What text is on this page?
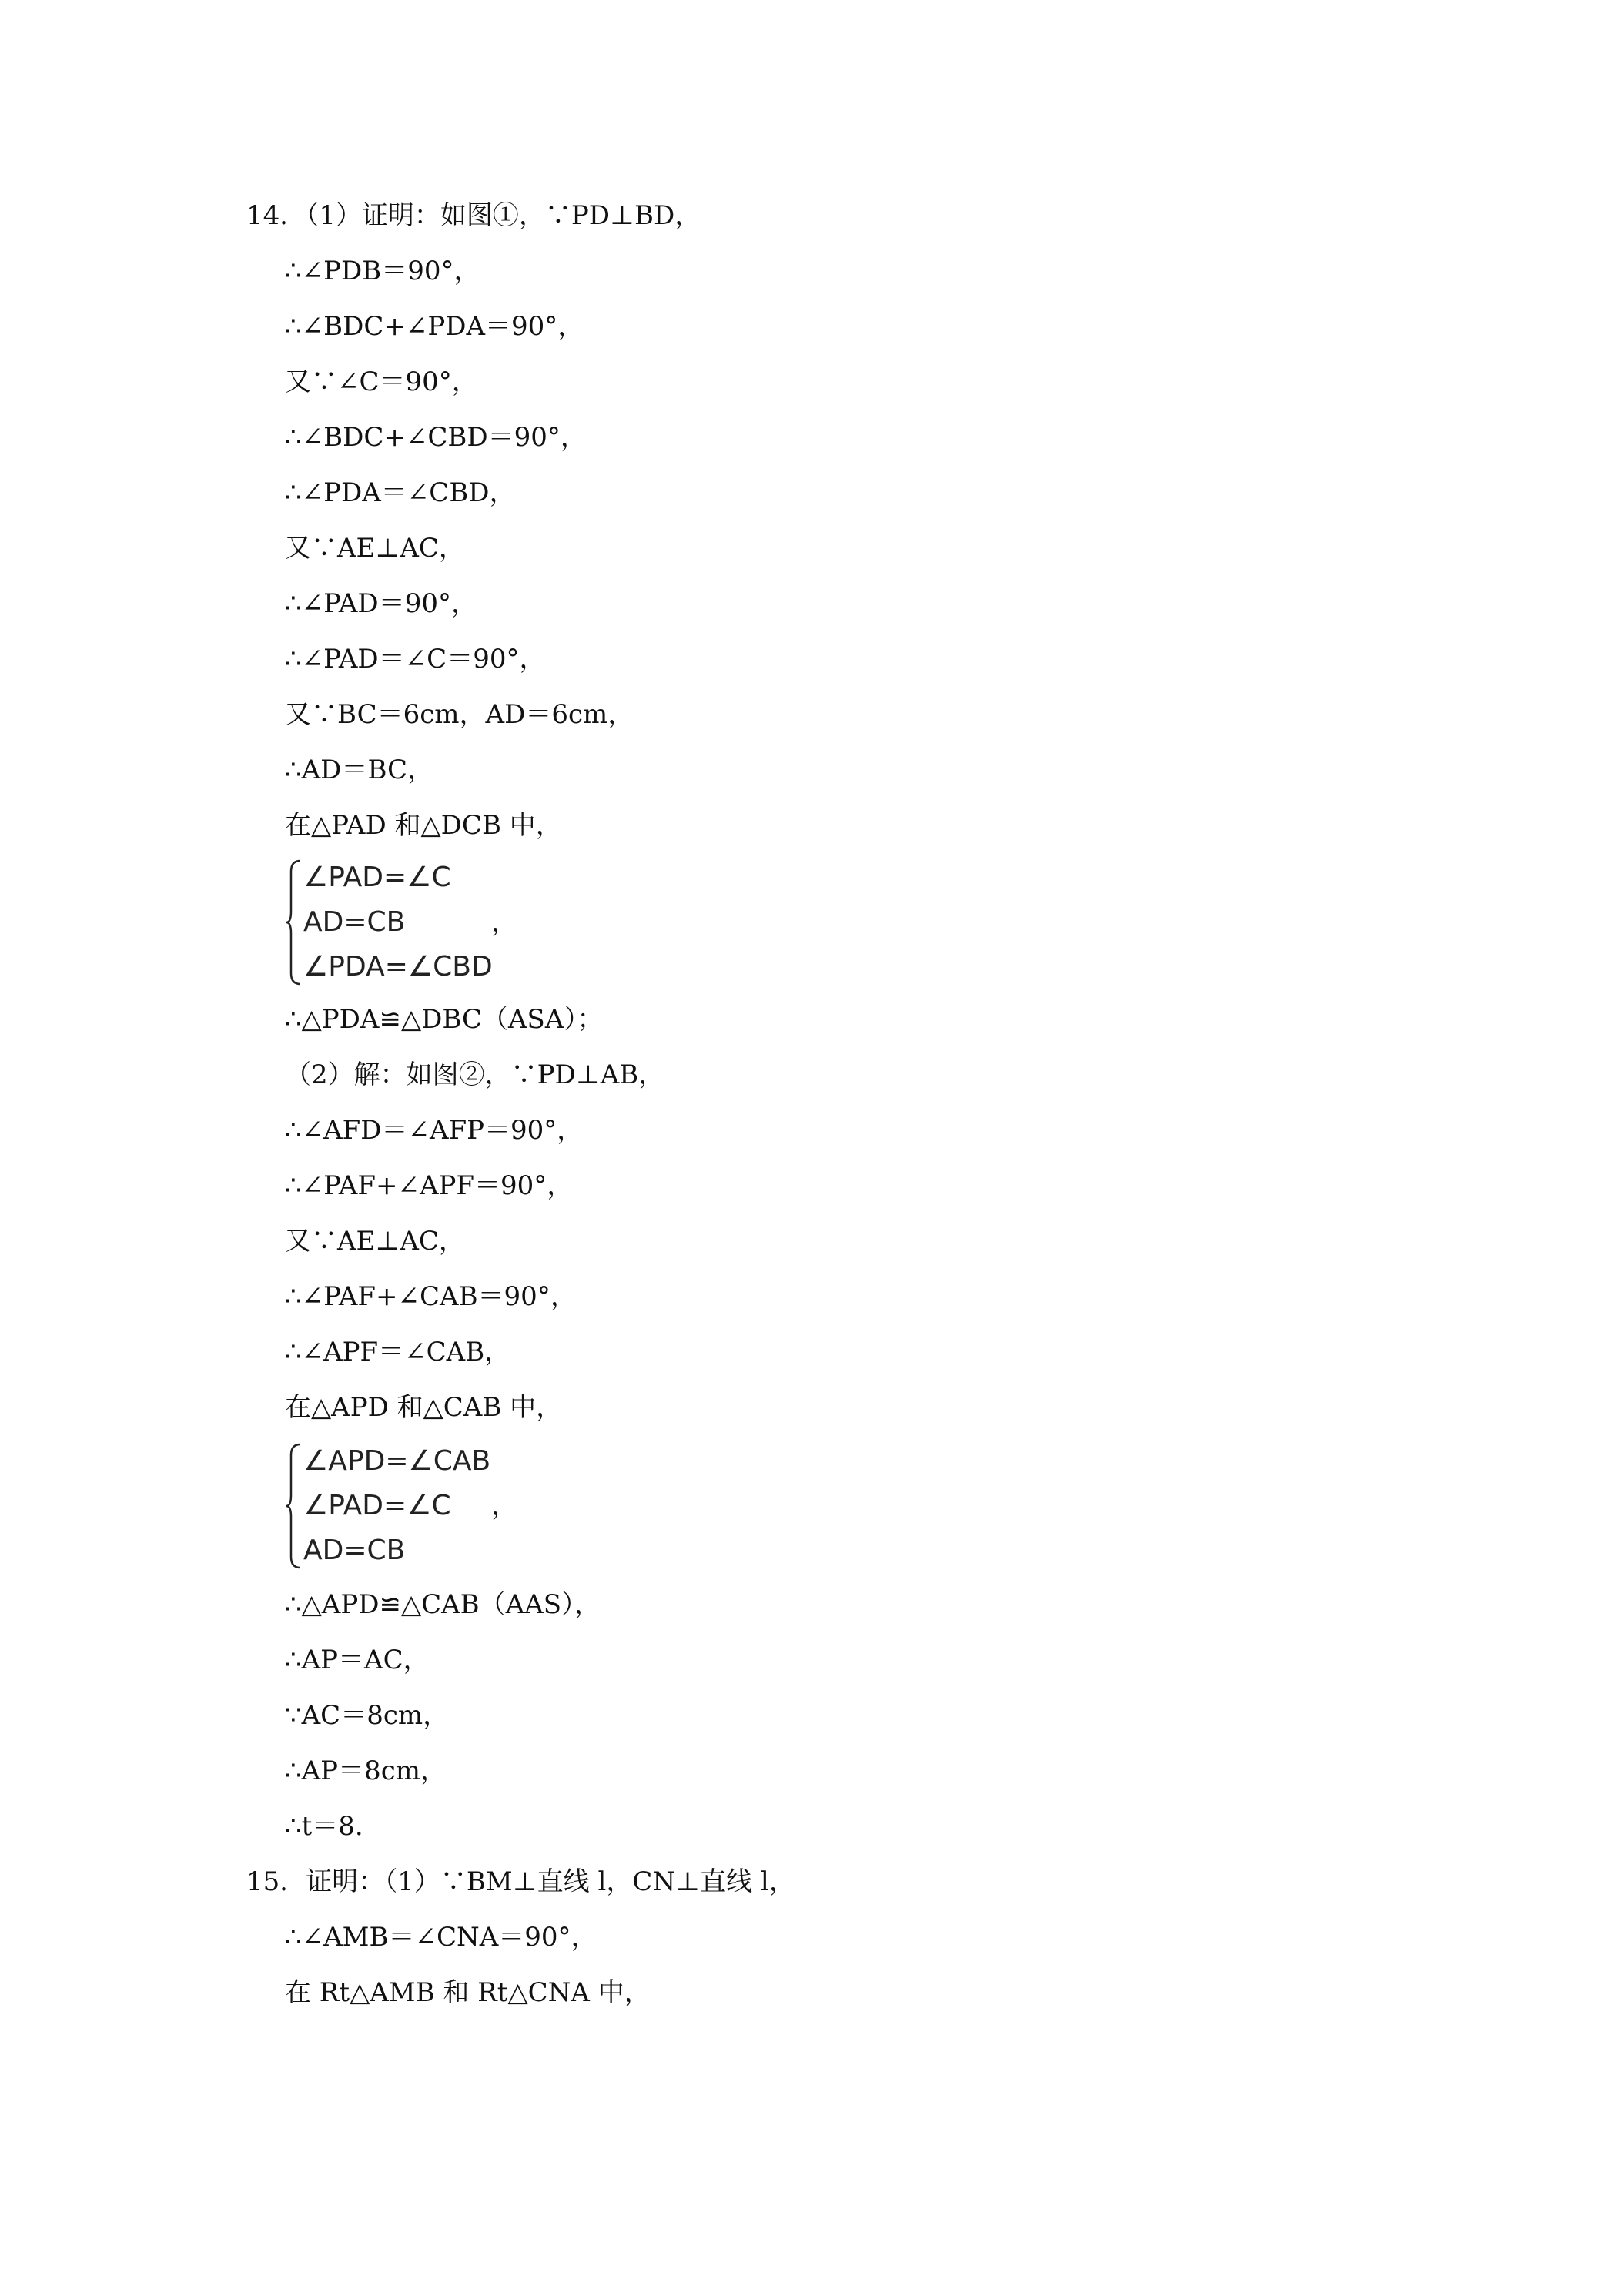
14．（1）证明：如图①，∵PD⊥BD，
∴∠PDB＝90°，
∴∠BDC+∠PDA＝90°，
又∵∠C＝90°，
∴∠BDC+∠CBD＝90°，
∴∠PDA＝∠CBD，
又∵AE⊥AC，
∴∠PAD＝90°，
∴∠PAD＝∠C＝90°，
又∵BC＝6cm，AD＝6cm，
∴AD＝BC，
在△PAD 和△DCB 中，
∠PAD=∠C
AD=CB
∠PDA=∠CBD
，
∴△PDA≌△DBC（ASA）；
（2）解：如图②，∵PD⊥AB，
∴∠AFD＝∠AFP＝90°，
∴∠PAF+∠APF＝90°，
又∵AE⊥AC，
∴∠PAF+∠CAB＝90°，
∴∠APF＝∠CAB，
在△APD 和△CAB 中，
∠APD=∠CAB
∠PAD=∠C
AD=CB
，
∴△APD≌△CAB（AAS），
∴AP＝AC，
∵AC＝8cm，
∴AP＝8cm，
∴t＝8.
15．证明：（1）∵BM⊥直线 l，CN⊥直线 l，
∴∠AMB＝∠CNA＝90°，
在 Rt△AMB 和 Rt△CNA 中，
